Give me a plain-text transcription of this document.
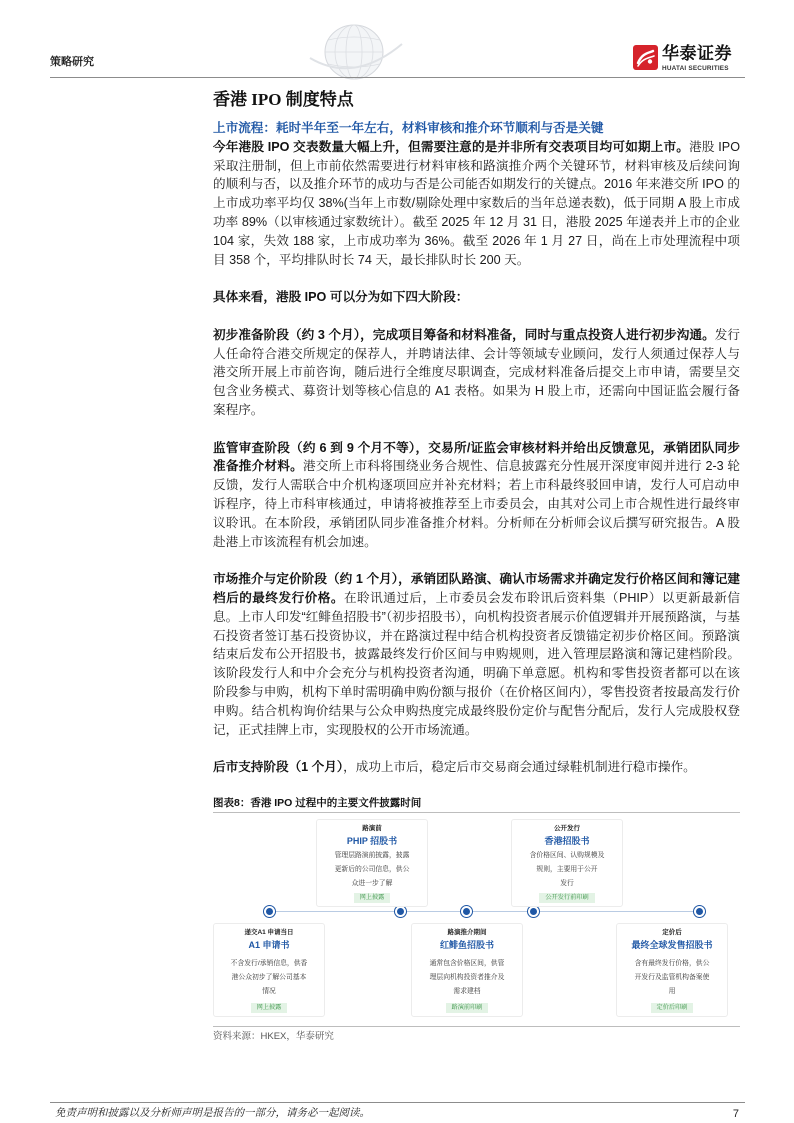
策略研究	华泰证券
HUATAI SECURITIES
香港 IPO 制度特点
上市流程：耗时半年至一年左右，材料审核和推介环节顺利与否是关键

今年港股 IPO 交表数量大幅上升，但需要注意的是并非所有交表项目均可如期上市。港股 IPO 采取注册制，但上市前依然需要进行材料审核和路演推介两个关键环节，材料审核及后续问询的顺利与否，以及推介环节的成功与否是公司能否如期发行的关键点。2016 年来港交所 IPO 的上市成功率平均仅 38%(当年上市数/剔除处理中家数后的当年总递表数)，低于同期 A 股上市成功率 89%（以审核通过家数统计）。截至 2025 年 12 月 31 日，港股 2025 年递表并上市的企业 104 家，失效 188 家，上市成功率为 36%。截至 2026 年 1 月 27 日，尚在上市处理流程中项目 358 个，平均排队时长 74 天，最长排队时长 200 天。

具体来看，港股 IPO 可以分为如下四大阶段：

初步准备阶段（约 3 个月），完成项目筹备和材料准备，同时与重点投资人进行初步沟通。发行人任命符合港交所规定的保荐人，并聘请法律、会计等领域专业顾问，发行人须通过保荐人与港交所开展上市前咨询，随后进行全维度尽职调查，完成材料准备后提交上市申请，需要呈交包含业务模式、募资计划等核心信息的 A1 表格。如果为 H 股上市，还需向中国证监会履行备案程序。

监管审查阶段（约 6 到 9 个月不等），交易所/证监会审核材料并给出反馈意见，承销团队同步准备推介材料。港交所上市科将围绕业务合规性、信息披露充分性展开深度审阅并进行 2-3 轮反馈，发行人需联合中介机构逐项回应并补充材料；若上市科最终驳回申请，发行人可启动申诉程序，待上市科审核通过，申请将被推荐至上市委员会，由其对公司上市合规性进行最终审议聆讯。在本阶段，承销团队同步准备推介材料。分析师在分析师会议后撰写研究报告。A 股赴港上市该流程有机会加速。

市场推介与定价阶段（约 1 个月），承销团队路演、确认市场需求并确定发行价格区间和簿记建档后的最终发行价格。在聆讯通过后，上市委员会发布聆讯后资料集（PHIP）以更新最新信息。上市人印发“红鲱鱼招股书”（初步招股书），向机构投资者展示价值逻辑并开展预路演，与基石投资者签订基石投资协议，并在路演过程中结合机构投资者反馈锚定初步价格区间。预路演结束后发布公开招股书，披露最终发行价区间与申购规则，进入管理层路演和簿记建档阶段。该阶段发行人和中介会充分与机构投资者沟通，明确下单意愿。机构和零售投资者都可以在该阶段参与申购，机构下单时需明确申购份额与报价（在价格区间内），零售投资者按最高发行价申购。结合机构询价结果与公众申购热度完成最终股份定价与配售分配后，发行人完成股权登记，正式挂牌上市，实现股权的公开市场流通。

后市支持阶段（1 个月），成功上市后，稳定后市交易商会通过绿鞋机制进行稳市操作。

图表8：香港 IPO 过程中的主要文件披露时间
递交A1 申请当日
A1 申请书
不含发行/承销信息，供香
港公众初步了解公司基本
情况
网上披露
路演前
PHIP 招股书
管理层路演前披露，披露
更新后的公司信息，供公
众进一步了解
网上披露
路演推介期间
红鲱鱼招股书
通常包含价格区间，供管
理层向机构投资者推介及
需求建档
路演前印刷
公开发行
香港招股书
含价格区间、认购规模及
规则，主要用于公开
发行
公开发行前印刷
定价后
最终全球发售招股书
含有最终发行价格，供公
开发行及监管机构备案使
用
定价后印刷
资料来源：HKEX，华泰研究
免责声明和披露以及分析师声明是报告的一部分，请务必一起阅读。	7
